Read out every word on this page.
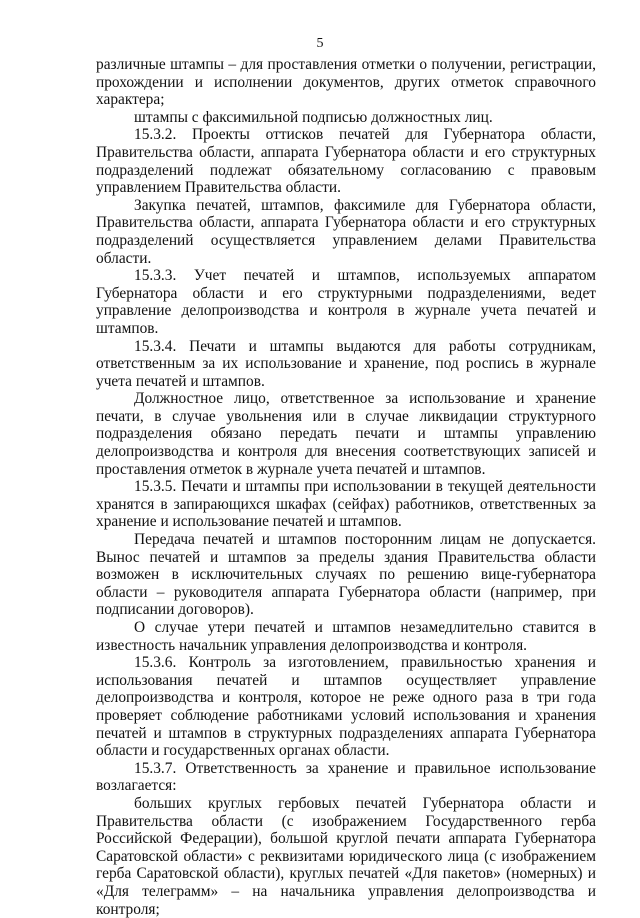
5

различные штампы – для проставления отметки о получении, регистрации, прохождении и исполнении документов, других отметок справочного характера;

штампы с факсимильной подписью должностных лиц.

15.3.2. Проекты оттисков печатей для Губернатора области, Правительства области, аппарата Губернатора области и его структурных подразделений подлежат обязательному согласованию с правовым управлением Правительства области.

Закупка печатей, штампов, факсимиле для Губернатора области, Правительства области, аппарата Губернатора области и его структурных подразделений осуществляется управлением делами Правительства области.

15.3.3. Учет печатей и штампов, используемых аппаратом Губернатора области и его структурными подразделениями, ведет управление делопроизводства и контроля в журнале учета печатей и штампов.

15.3.4. Печати и штампы выдаются для работы сотрудникам, ответственным за их использование и хранение, под роспись в журнале учета печатей и штампов.

Должностное лицо, ответственное за использование и хранение печати, в случае увольнения или в случае ликвидации структурного подразделения обязано передать печати и штампы управлению делопроизводства и контроля для внесения соответствующих записей и проставления отметок в журнале учета печатей и штампов.

15.3.5. Печати и штампы при использовании в текущей деятельности хранятся в запирающихся шкафах (сейфах) работников, ответственных за хранение и использование печатей и штампов.

Передача печатей и штампов посторонним лицам не допускается. Вынос печатей и штампов за пределы здания Правительства области возможен в исключительных случаях по решению вице-губернатора области – руководителя аппарата Губернатора области (например, при подписании договоров).

О случае утери печатей и штампов незамедлительно ставится в известность начальник управления делопроизводства и контроля.

15.3.6. Контроль за изготовлением, правильностью хранения и использования печатей и штампов осуществляет управление делопроизводства и контроля, которое не реже одного раза в три года проверяет соблюдение работниками условий использования и хранения печатей и штампов в структурных подразделениях аппарата Губернатора области и государственных органах области.

15.3.7. Ответственность за хранение и правильное использование возлагается:

больших круглых гербовых печатей Губернатора области и Правительства области (с изображением Государственного герба Российской Федерации), большой круглой печати аппарата Губернатора Саратовской области» с реквизитами юридического лица (с изображением герба Саратовской области), круглых печатей «Для пакетов» (номерных) и «Для телеграмм» – на начальника управления делопроизводства и контроля;
